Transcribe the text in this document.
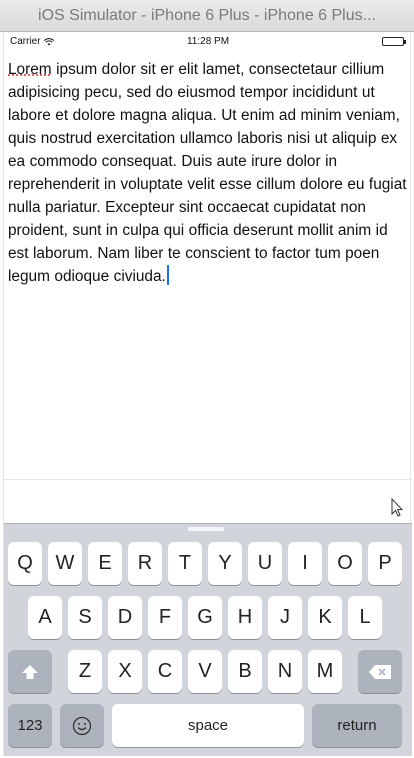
iOS Simulator - iPhone 6 Plus - iPhone 6 Plus...
Carrier	11:28 PM
Lorem ipsum dolor sit er elit lamet, consectetaur cillium adipisicing pecu, sed do eiusmod tempor incididunt ut labore et dolore magna aliqua. Ut enim ad minim veniam, quis nostrud exercitation ullamco laboris nisi ut aliquip ex ea commodo consequat. Duis aute irure dolor in reprehenderit in voluptate velit esse cillum dolore eu fugiat nulla pariatur. Excepteur sint occaecat cupidatat non proident, sunt in culpa qui officia deserunt mollit anim id est laborum. Nam liber te conscient to factor tum poen legum odioque civiuda.
Q	W	E	R	T	Y	U	I	O	P
A	S	D	F	G	H	J	K	L
Z	X	C	V	B	N	M
123	space	return
